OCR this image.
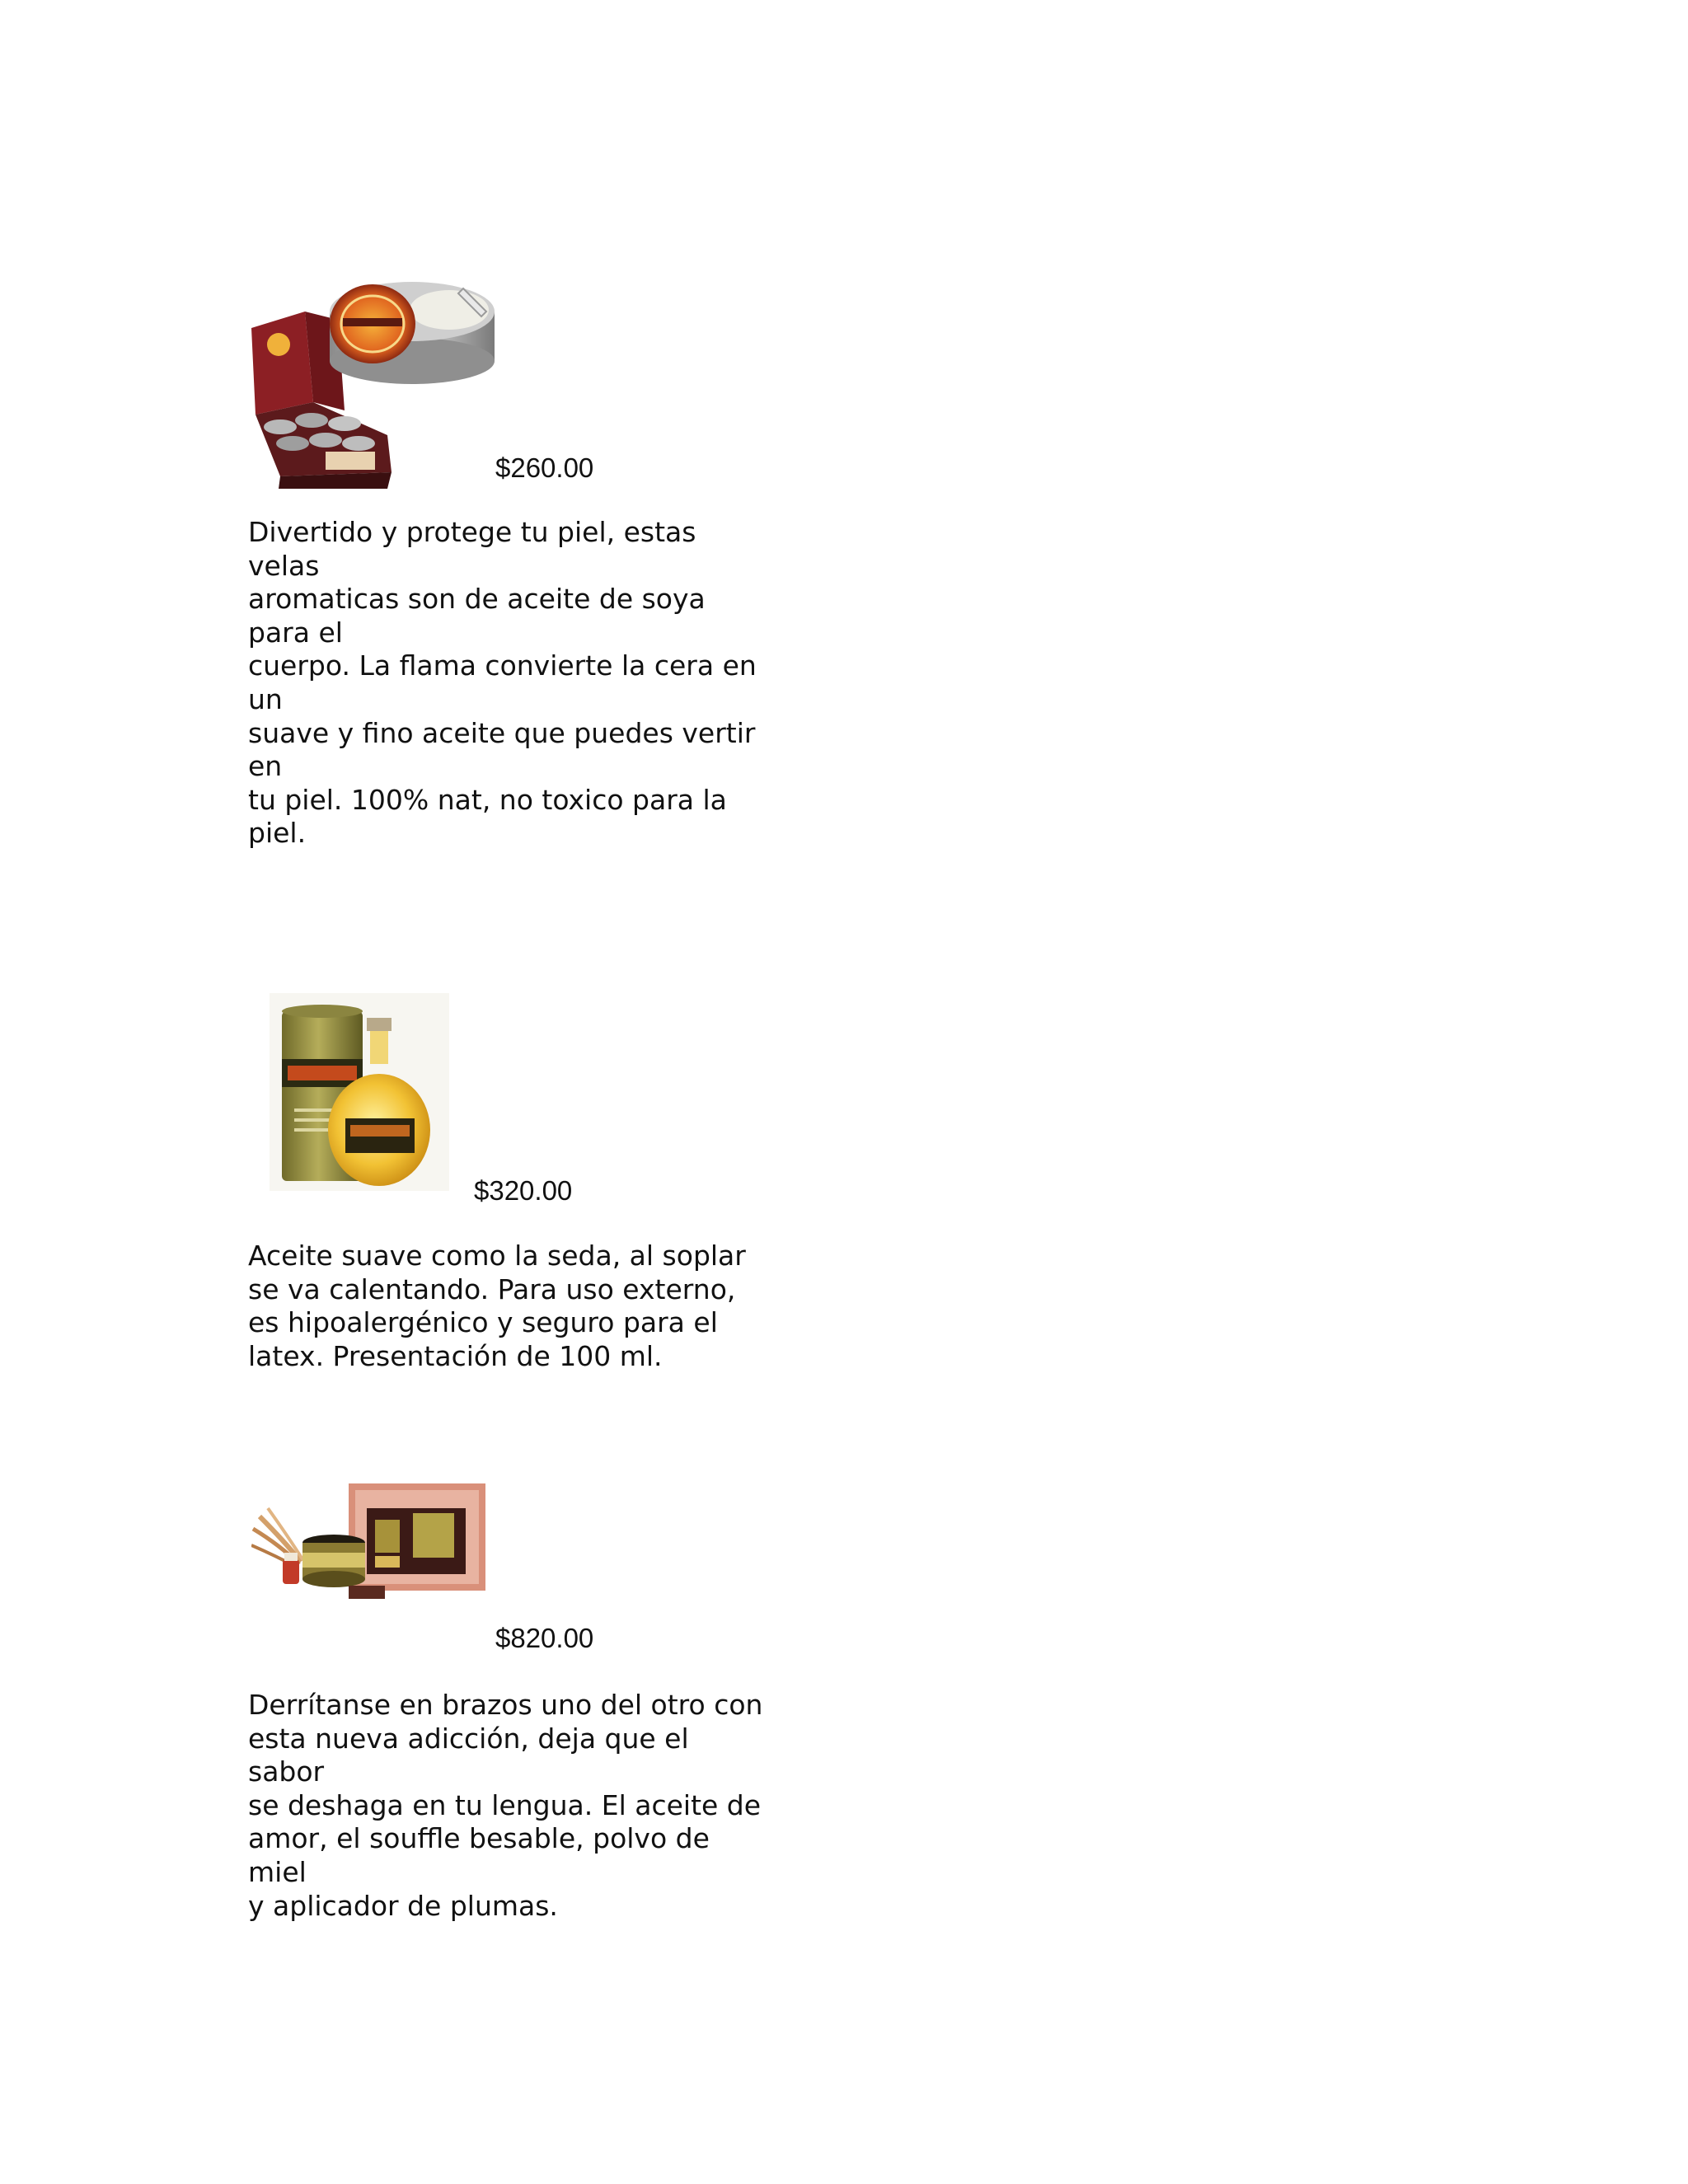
$260.00

Divertido y protege tu piel, estas
velas
aromaticas son de aceite de soya
para el
cuerpo. La flama convierte la cera en
un
suave y fino aceite que puedes vertir
en
tu piel. 100% nat, no toxico para la
piel.

$320.00

Aceite suave como la seda, al soplar
se va calentando. Para uso externo,
es hipoalergénico y seguro para el
latex. Presentación de 100 ml.

$820.00

Derrítanse en brazos uno del otro con
esta nueva adicción, deja que el
sabor
se deshaga en tu lengua. El aceite de
amor, el souffle besable, polvo de
miel
y aplicador de plumas.
